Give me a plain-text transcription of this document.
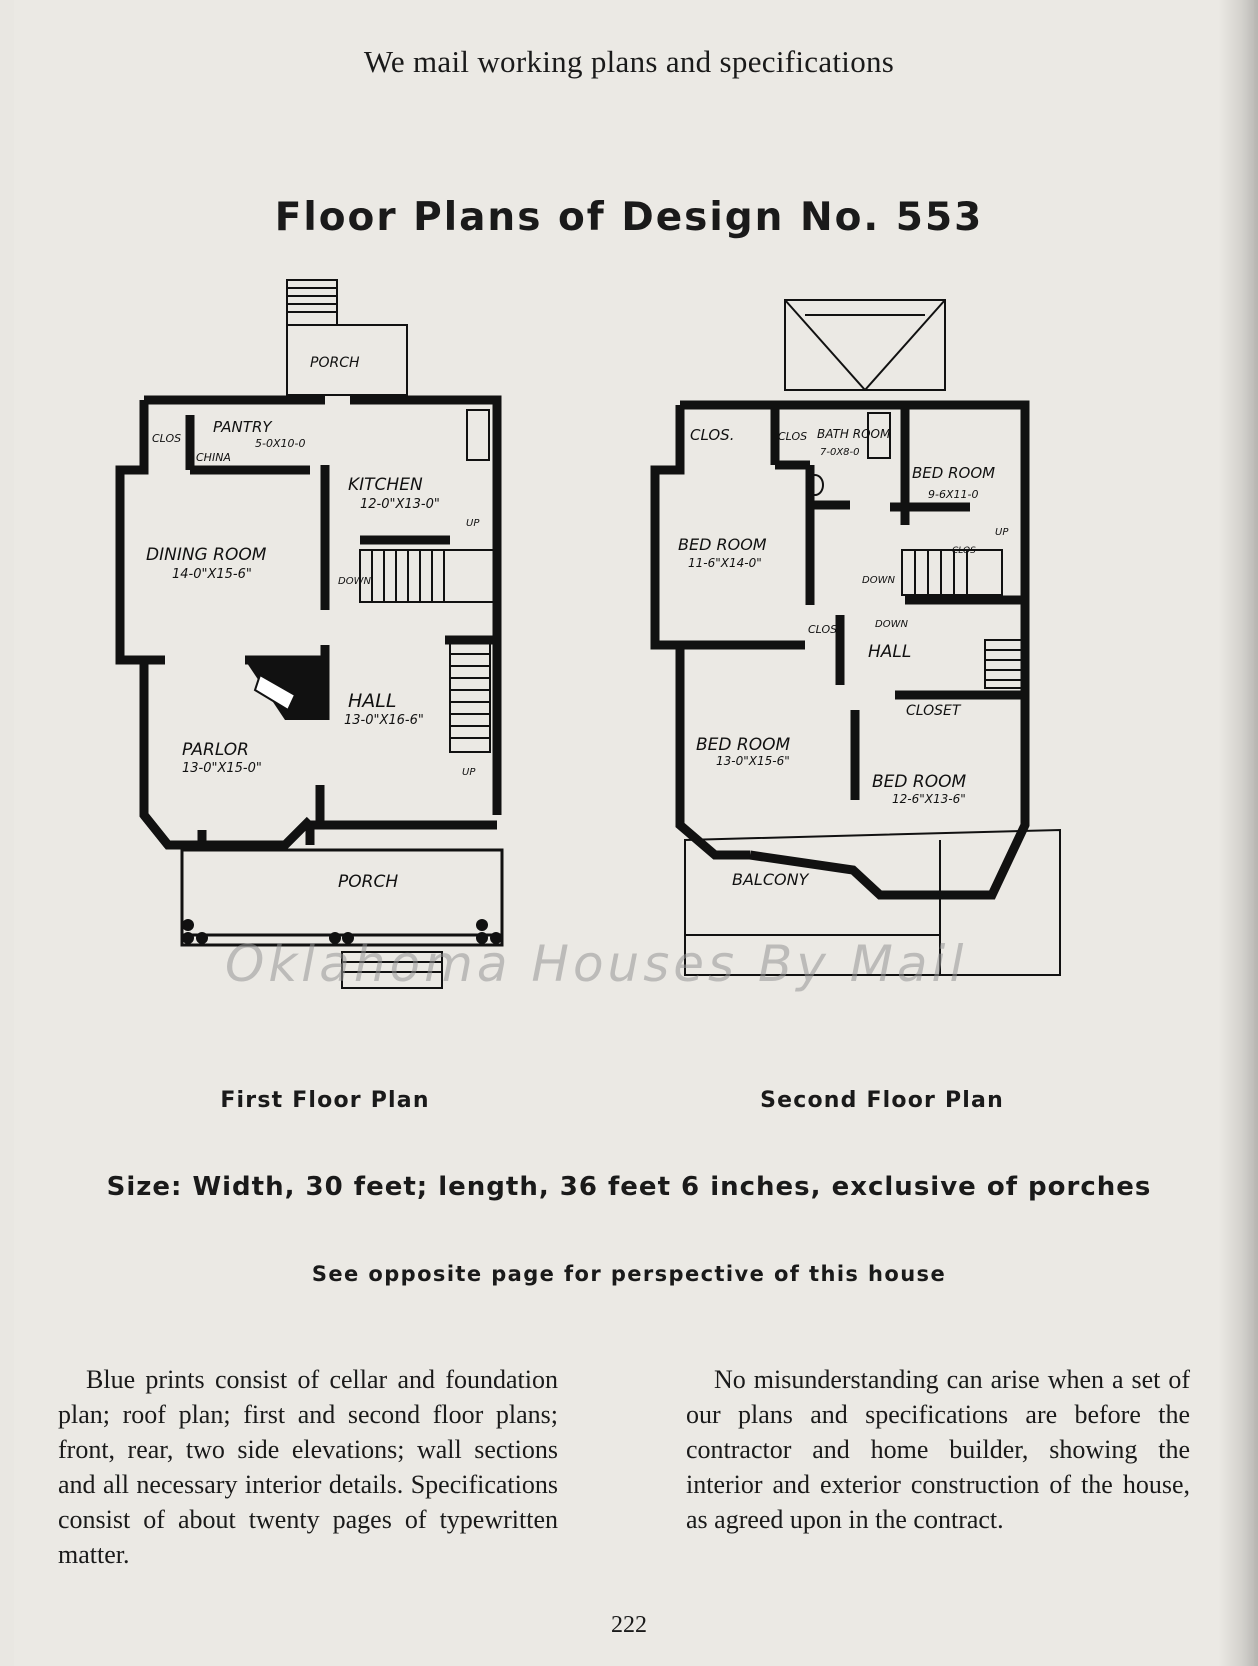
We mail working plans and specifications
Floor Plans of Design No. 553
PORCH
CLOS
PANTRY
5-0X10-0
CHINA
KITCHEN
12-0"X13-0"
DINING ROOM
14-0"X15-6"	DOWN
UP
HALL
13-0"X16-6"
PARLOR
13-0"X15-0"	UP
PORCH
CLOS.	CLOS BATH ROOM
7-0X8-0
BED ROOM
9-6X11-0
BED ROOM
11-6"X14-0"
UP
CLOS
DOWN
CLOS	DOWN
HALL
CLOSET
BED ROOM
13-0"X15-6"
BED ROOM
12-6"X13-6"
BALCONY
Oklahoma Houses By Mail
First Floor Plan	Second Floor Plan
Size: Width, 30 feet; length, 36 feet 6 inches, exclusive of porches
See opposite page for perspective of this house
Blue prints consist of cellar and foundation plan; roof plan; first and second floor plans; front, rear, two side elevations; wall sections and all necessary interior details. Specifications consist of about twenty pages of typewritten matter.
No misunderstanding can arise when a set of our plans and specifications are before the contractor and home builder, showing the interior and exterior construction of the house, as agreed upon in the contract.
222
